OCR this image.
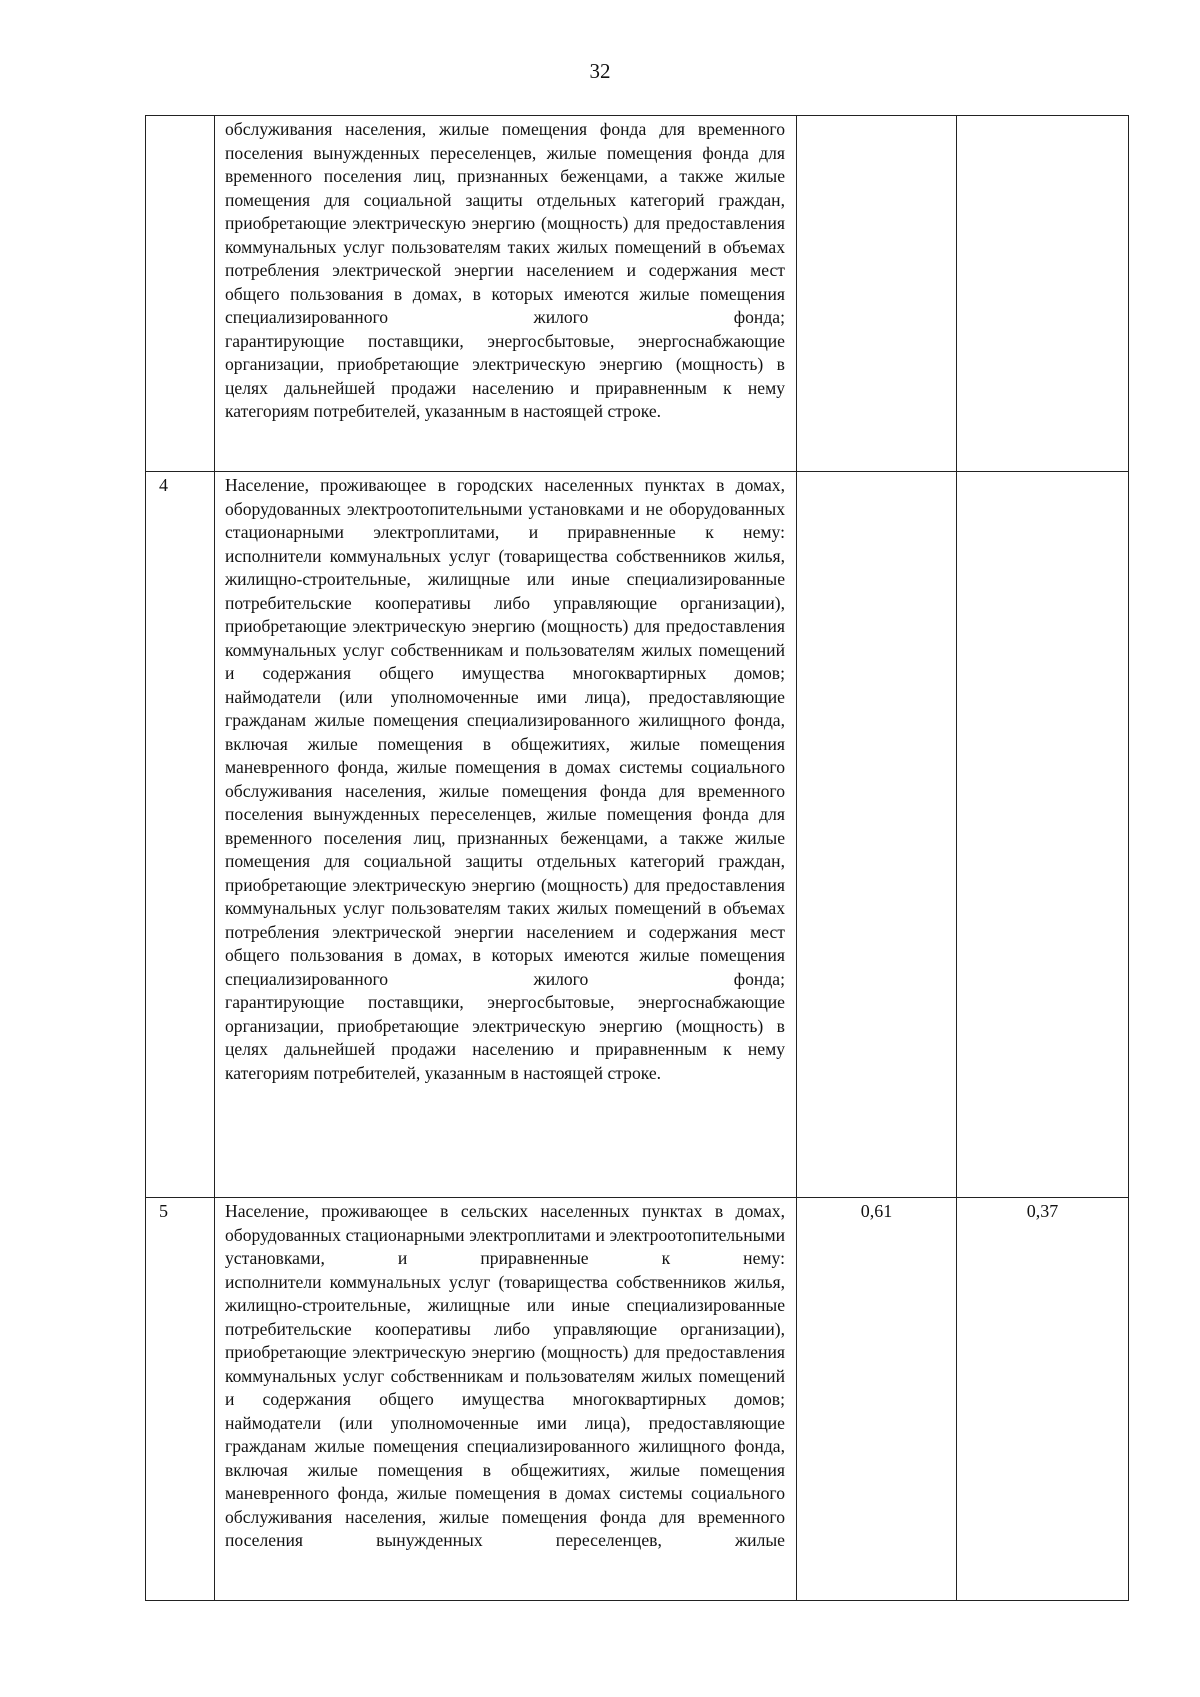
32

	обслуживания населения, жилые помещения фонда для временного поселения вынужденных переселенцев, жилые помещения фонда для временного поселения лиц, признанных беженцами, а также жилые помещения для социальной защиты отдельных категорий граждан, приобретающие электрическую энергию (мощность) для предоставления коммунальных услуг пользователям таких жилых помещений в объемах потребления электрической энергии населением и содержания мест общего пользования в домах, в которых имеются жилые помещения специализированного жилого фонда;

гарантирующие поставщики, энергосбытовые, энергоснабжающие организации, приобретающие электрическую энергию (мощность) в целях дальнейшей продажи населению и приравненным к нему категориям потребителей, указанным в настоящей строке.		

4	Население, проживающее в городских населенных пунктах в домах, оборудованных электроотопительными установками и не оборудованных стационарными электроплитами, и приравненные к нему:

исполнители коммунальных услуг (товарищества собственников жилья, жилищно-строительные, жилищные или иные специализированные потребительские кооперативы либо управляющие организации), приобретающие электрическую энергию (мощность) для предоставления коммунальных услуг собственникам и пользователям жилых помещений и содержания общего имущества многоквартирных домов;

наймодатели (или уполномоченные ими лица), предоставляющие гражданам жилые помещения специализированного жилищного фонда, включая жилые помещения в общежитиях, жилые помещения маневренного фонда, жилые помещения в домах системы социального обслуживания населения, жилые помещения фонда для временного поселения вынужденных переселенцев, жилые помещения фонда для временного поселения лиц, признанных беженцами, а также жилые помещения для социальной защиты отдельных категорий граждан, приобретающие электрическую энергию (мощность) для предоставления коммунальных услуг пользователям таких жилых помещений в объемах потребления электрической энергии населением и содержания мест общего пользования в домах, в которых имеются жилые помещения специализированного жилого фонда;

гарантирующие поставщики, энергосбытовые, энергоснабжающие организации, приобретающие электрическую энергию (мощность) в целях дальнейшей продажи населению и приравненным к нему категориям потребителей, указанным в настоящей строке.		

5	Население, проживающее в сельских населенных пунктах в домах, оборудованных стационарными электроплитами и электроотопительными установками, и приравненные к нему:

исполнители коммунальных услуг (товарищества собственников жилья, жилищно-строительные, жилищные или иные специализированные потребительские кооперативы либо управляющие организации), приобретающие электрическую энергию (мощность) для предоставления коммунальных услуг собственникам и пользователям жилых помещений и содержания общего имущества многоквартирных домов;

наймодатели (или уполномоченные ими лица), предоставляющие гражданам жилые помещения специализированного жилищного фонда, включая жилые помещения в общежитиях, жилые помещения маневренного фонда, жилые помещения в домах системы социального обслуживания населения, жилые помещения фонда для временного поселения вынужденных переселенцев, жилые	0,61	0,37
